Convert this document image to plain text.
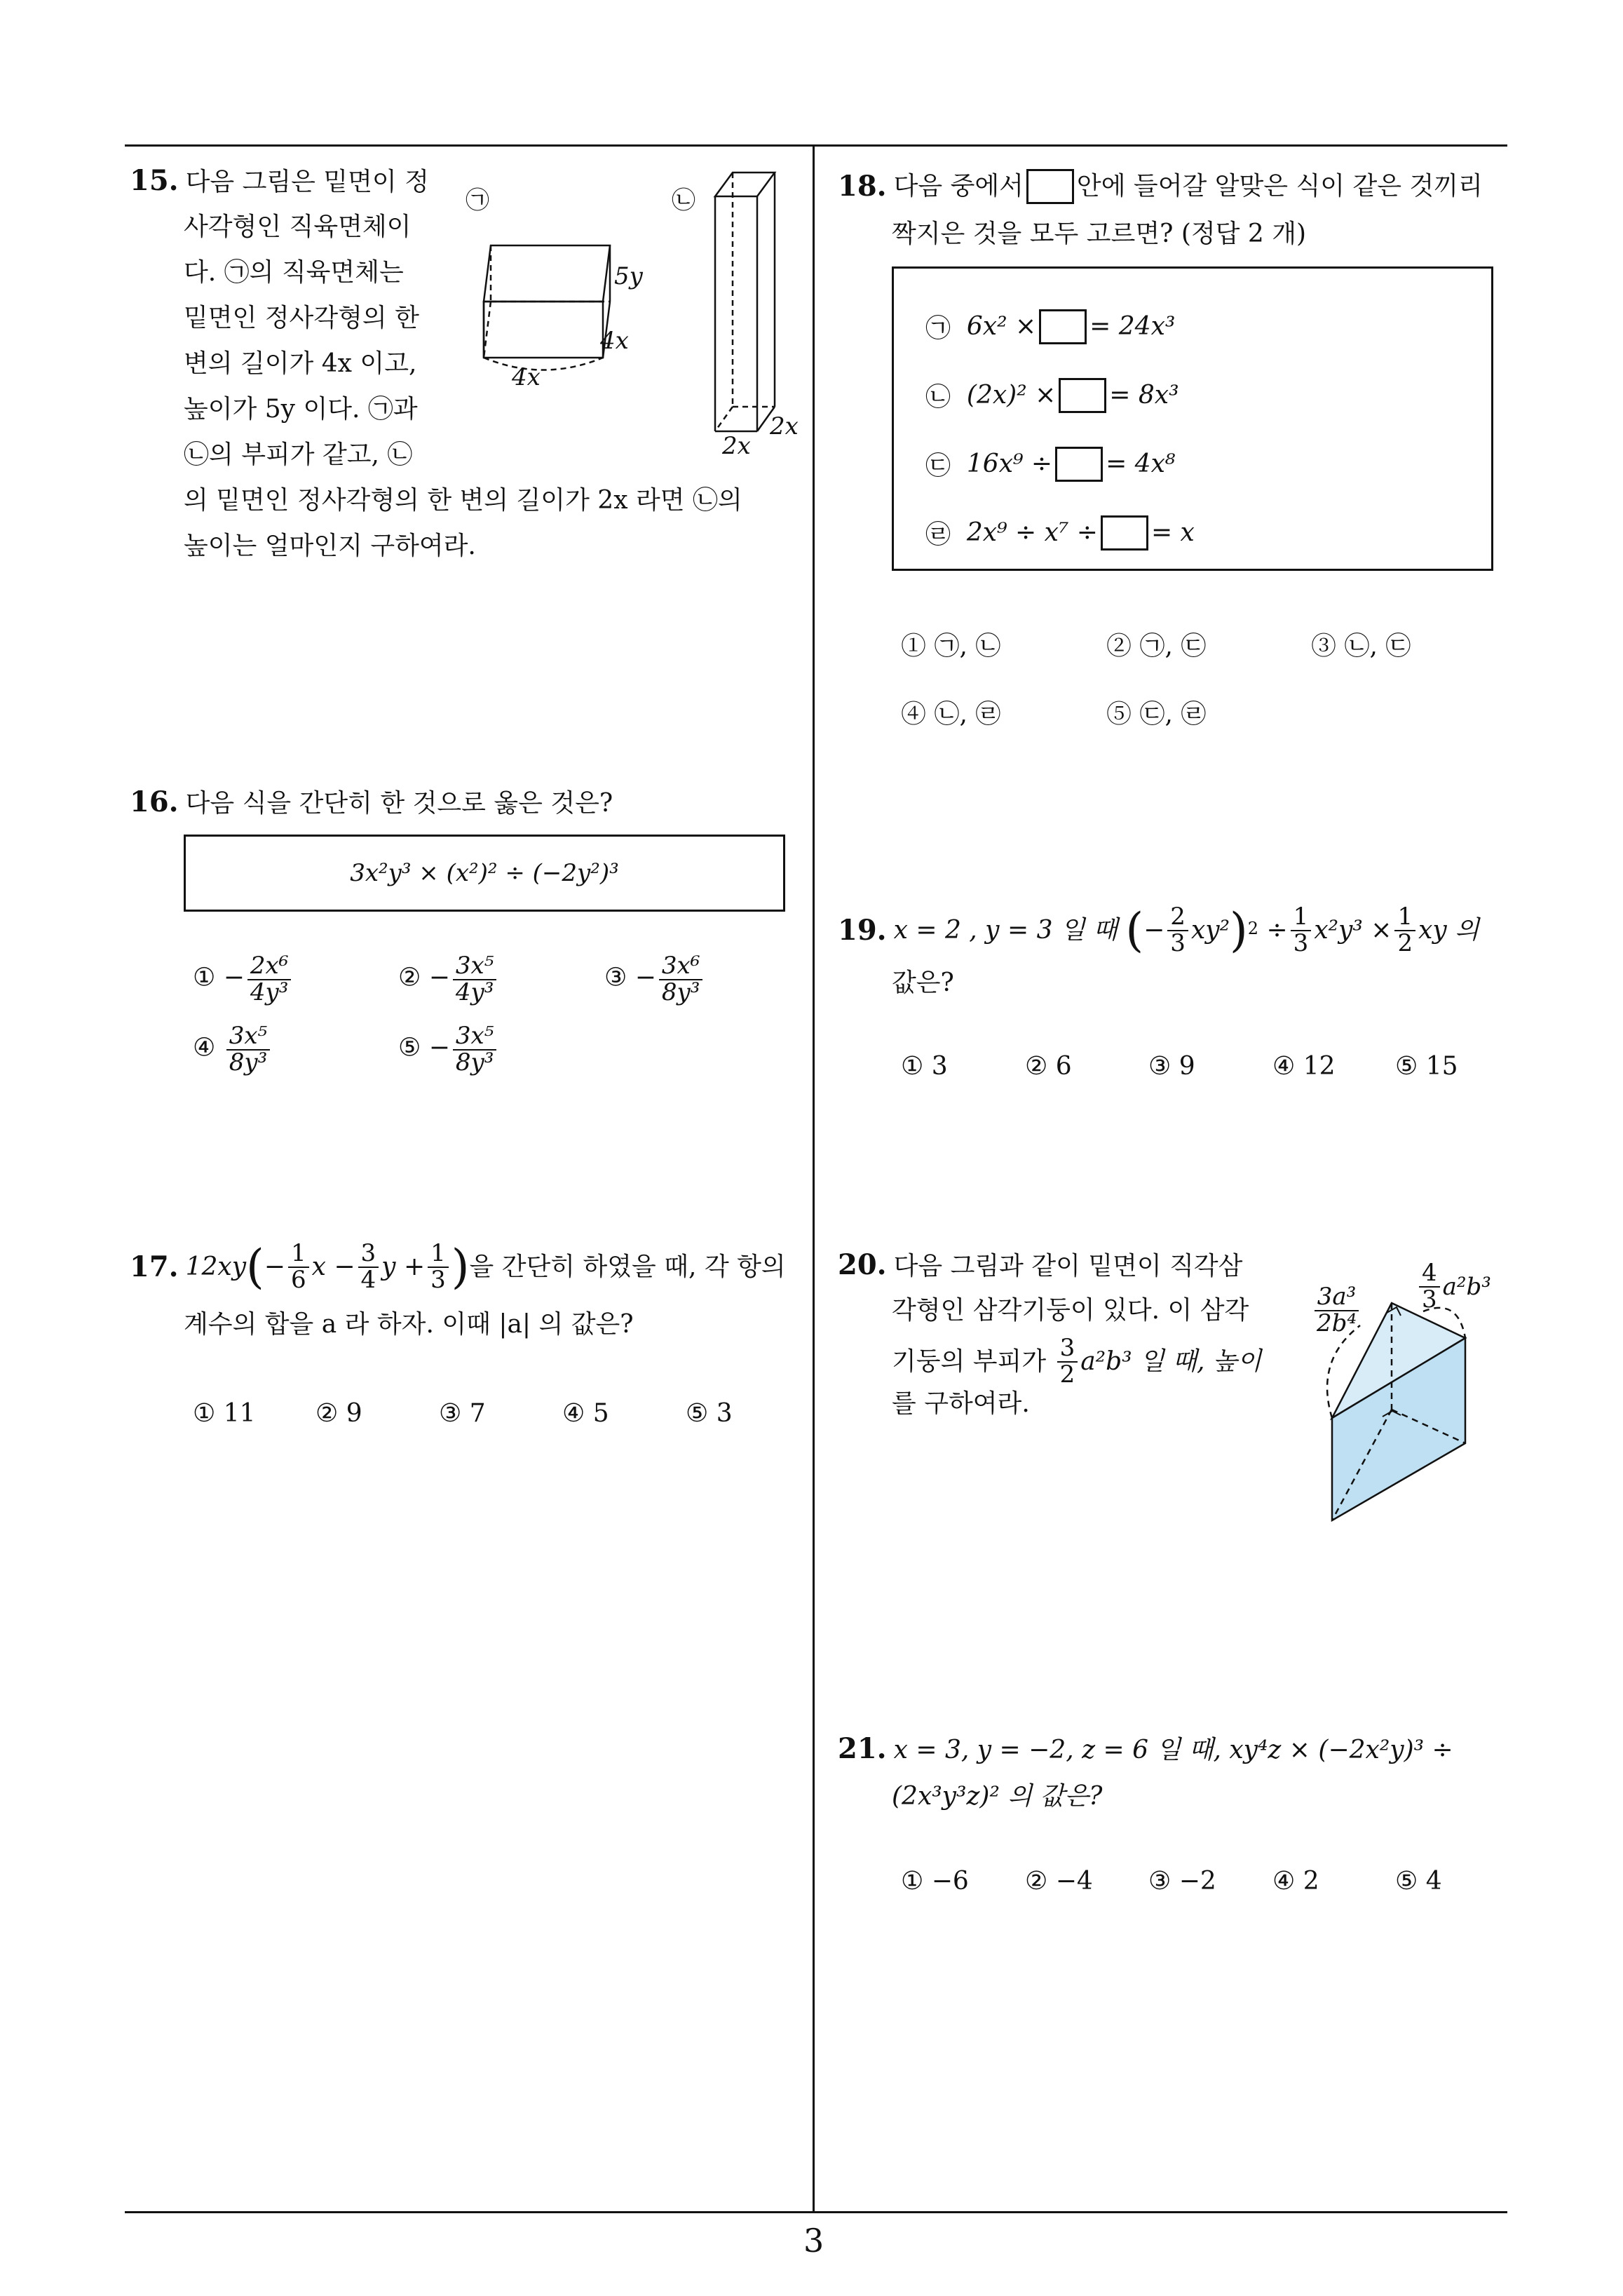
3
15. 다음 그림은 밑면이 정
사각형인 직육면체이
다. ㉠의 직육면체는
밑면인 정사각형의 한
변의 길이가 4x 이고,
높이가 5y 이다. ㉠과
㉡의 부피가 같고, ㉡
의 밑면인 정사각형의 한 변의 길이가 2x 라면 ㉡의
높이는 얼마인지 구하여라.
㉠
5y
4x
4x
㉡
2x
2x
16. 다음 식을 간단히 한 것으로 옳은 것은?
3x²y³ × (x²)² ÷ (−2y²)³
① − $\frac{\text{2x⁶}}{\text{4y³}}$	② − $\frac{\text{3x⁵}}{\text{4y³}}$	③ − $\frac{\text{3x⁶}}{\text{8y³}}$
④ $\frac{\text{3x⁵}}{\text{8y³}}$	⑤ − $\frac{\text{3x⁵}}{\text{8y³}}$
17. 12xy ( − $\frac{1}{6}$ $x - \frac{3}{4}$ $y + \frac{1}{3}$ ) 을 간단히 하였을 때, 각 항의
계수의 합을 a 라 하자. 이때 |a| 의 값은?
① 11 ② 9	③ 7	④ 5	⑤ 3
18. 다음 중에서 안에 들어갈 알맞은 식이 같은 것끼리
짝지은 것을 모두 고르면? (정답 2 개)
㉠
6x² × = 24x³
㉡
(2x)² × = 8x³
㉢
16x⁹ ÷ = 4x⁸
㉣
2x⁹ ÷ x⁷ ÷ = x
① ㉠, ㉡	② ㉠, ㉢	③ ㉡, ㉢
④ ㉡, ㉣	⑤ ㉢, ㉣
19. x = 2 , y = 3 일 때
( − $\frac{2}{3} xy^2$ ) 2
÷ $\frac{1}{3} x^2y^3 \times \frac{1}{2}$ xy 의
값은?
① 3	② 6	③ 9	④ 12 ⑤ 15
20. 다음 그림과 같이 밑면이 직각삼
각형인 삼각기둥이 있다. 이 삼각
기둥의 부피가
$\frac{3}{2} a^2b^3$ 일 때, 높이
를 구하여라.
$\frac{\text{3a³}}{\text{2b⁴}} \frac{4}{3} a^2b^3$
21. x = 3, y = −2, z = 6 일 때, xy⁴z × (−2x²y)³ ÷
(2x³y³z)² 의 값은?
① −6 ② −4 ③ −2 ④ 2	⑤ 4
